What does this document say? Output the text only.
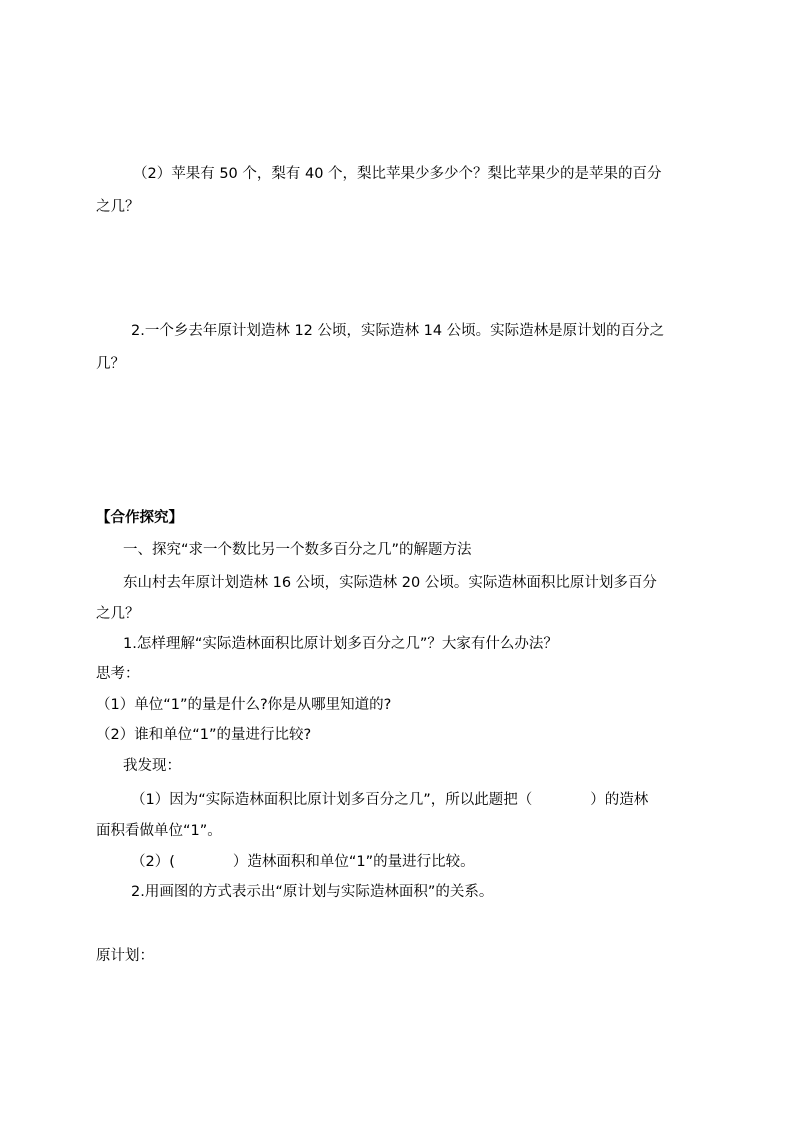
（2）苹果有 50 个，梨有 40 个，梨比苹果少多少个？梨比苹果少的是苹果的百分
之几？
2.一个乡去年原计划造林 12 公顷，实际造林 14 公顷。实际造林是原计划的百分之
几？
【合作探究】
一、探究“求一个数比另一个数多百分之几”的解题方法
东山村去年原计划造林 16 公顷，实际造林 20 公顷。实际造林面积比原计划多百分
之几？
1.怎样理解“实际造林面积比原计划多百分之几”？大家有什么办法？
思考：
（1）单位“1”的量是什么?你是从哪里知道的?
（2）谁和单位“1”的量进行比较?
我发现：
（1）因为“实际造林面积比原计划多百分之几”，所以此题把（　　　　）的造林
面积看做单位“1”。
（2）(　　　　）造林面积和单位“1”的量进行比较。
2.用画图的方式表示出“原计划与实际造林面积”的关系。
原计划：
